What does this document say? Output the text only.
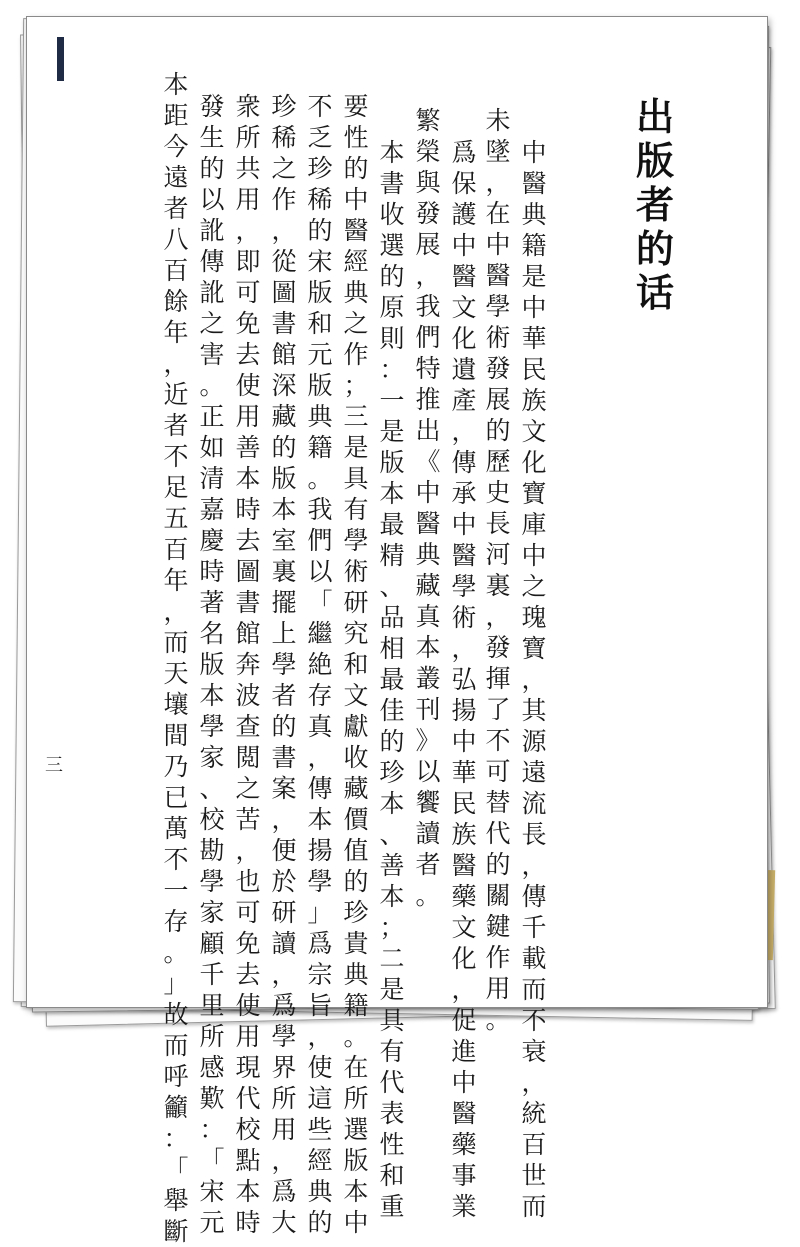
出
版
者
的
话
中
醫
典
籍
是
中
華
民
族
文
化
寶
庫
中
之
瑰
寶
，
其
源
遠
流
長
，
傳
千
載
而
不
衰
，
統
百
世
而
未
墜
，
在
中
醫
學
術
發
展
的
歷
史
長
河
裏
，
發
揮
了
不
可
替
代
的
關
鍵
作
用
。
爲
保
護
中
醫
文
化
遺
產
，
傳
承
中
醫
學
術
，
弘
揚
中
華
民
族
醫
藥
文
化
，
促
進
中
醫
藥
事
業
繁
榮
與
發
展
，
我
們
特
推
出
《
中
醫
典
藏
真
本
叢
刊
》
以
饗
讀
者
。
本
書
收
選
的
原
則
：
一
是
版
本
最
精
、
品
相
最
佳
的
珍
本
、
善
本
；
二
是
具
有
代
表
性
和
重
要
性
的
中
醫
經
典
之
作
；
三
是
具
有
學
術
研
究
和
文
獻
收
藏
價
值
的
珍
貴
典
籍
。
在
所
選
版
本
中
不
乏
珍
稀
的
宋
版
和
元
版
典
籍
。
我
們
以
「
繼
絶
存
真
，
傳
本
揚
學
」
爲
宗
旨
，
使
這
些
經
典
的
珍
稀
之
作
，
從
圖
書
館
深
藏
的
版
本
室
裏
擺
上
學
者
的
書
案
，
便
於
研
讀
，
爲
學
界
所
用
，
爲
大
衆
所
共
用
，
即
可
免
去
使
用
善
本
時
去
圖
書
館
奔
波
查
閲
之
苦
，
也
可
免
去
使
用
現
代
校
點
本
時
發
生
的
以
訛
傳
訛
之
害
。
正
如
清
嘉
慶
時
著
名
版
本
學
家
、
校
勘
學
家
顧
千
里
所
感
歎
：
「
宋
元
本
距
今
遠
者
八
百
餘
年
，
近
者
不
足
五
百
年
，
而
天
壤
間
乃
已
萬
不
一
存
。
」
故
而
呼
籲
：
「
舉
斷
三
